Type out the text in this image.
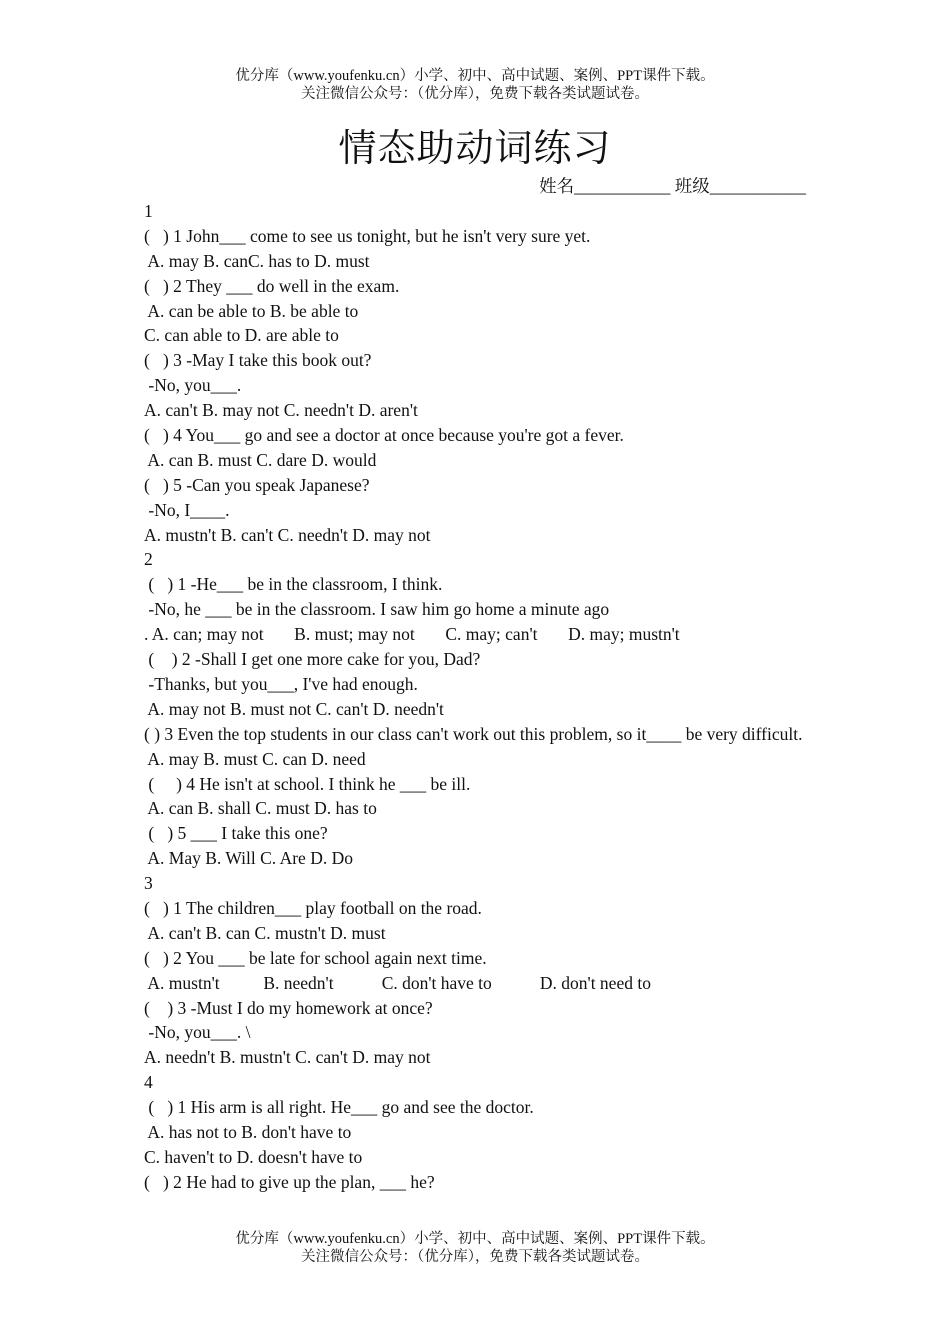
优分库（www.youfenku.cn）小学、初中、高中试题、案例、PPT课件下载。
关注微信公众号：（优分库），免费下载各类试题试卷。
情态助动词练习
姓名___________ 班级___________
1
(   ) 1 John___ come to see us tonight, but he isn't very sure yet.
A. may B. canC. has to D. must
(   ) 2 They ___ do well in the exam.
A. can be able to B. be able to
C. can able to D. are able to
(   ) 3 -May I take this book out?
-No, you___.
A. can't B. may not C. needn't D. aren't
(   ) 4 You___ go and see a doctor at once because you're got a fever.
A. can B. must C. dare D. would
(   ) 5 -Can you speak Japanese?
-No, I____.
A. mustn't B. can't C. needn't D. may not
2
(   ) 1 -He___ be in the classroom, I think.
-No, he ___ be in the classroom. I saw him go home a minute ago
. A. can; may not       B. must; may not       C. may; can't       D. may; mustn't
(    ) 2 -Shall I get one more cake for you, Dad?
-Thanks, but you___, I've had enough.
A. may not B. must not C. can't D. needn't
( ) 3 Even the top students in our class can't work out this problem, so it____ be very difficult.
A. may B. must C. can D. need
(     ) 4 He isn't at school. I think he ___ be ill.
A. can B. shall C. must D. has to
(   ) 5 ___ I take this one?
A. May B. Will C. Are D. Do
3
(   ) 1 The children___ play football on the road.
A. can't B. can C. mustn't D. must
(   ) 2 You ___ be late for school again next time.
A. mustn't          B. needn't           C. don't have to           D. don't need to
(    ) 3 -Must I do my homework at once?
-No, you___. \
A. needn't B. mustn't C. can't D. may not
4
(   ) 1 His arm is all right. He___ go and see the doctor.
A. has not to B. don't have to
C. haven't to D. doesn't have to
(   ) 2 He had to give up the plan, ___ he?
优分库（www.youfenku.cn）小学、初中、高中试题、案例、PPT课件下载。
关注微信公众号：（优分库），免费下载各类试题试卷。
